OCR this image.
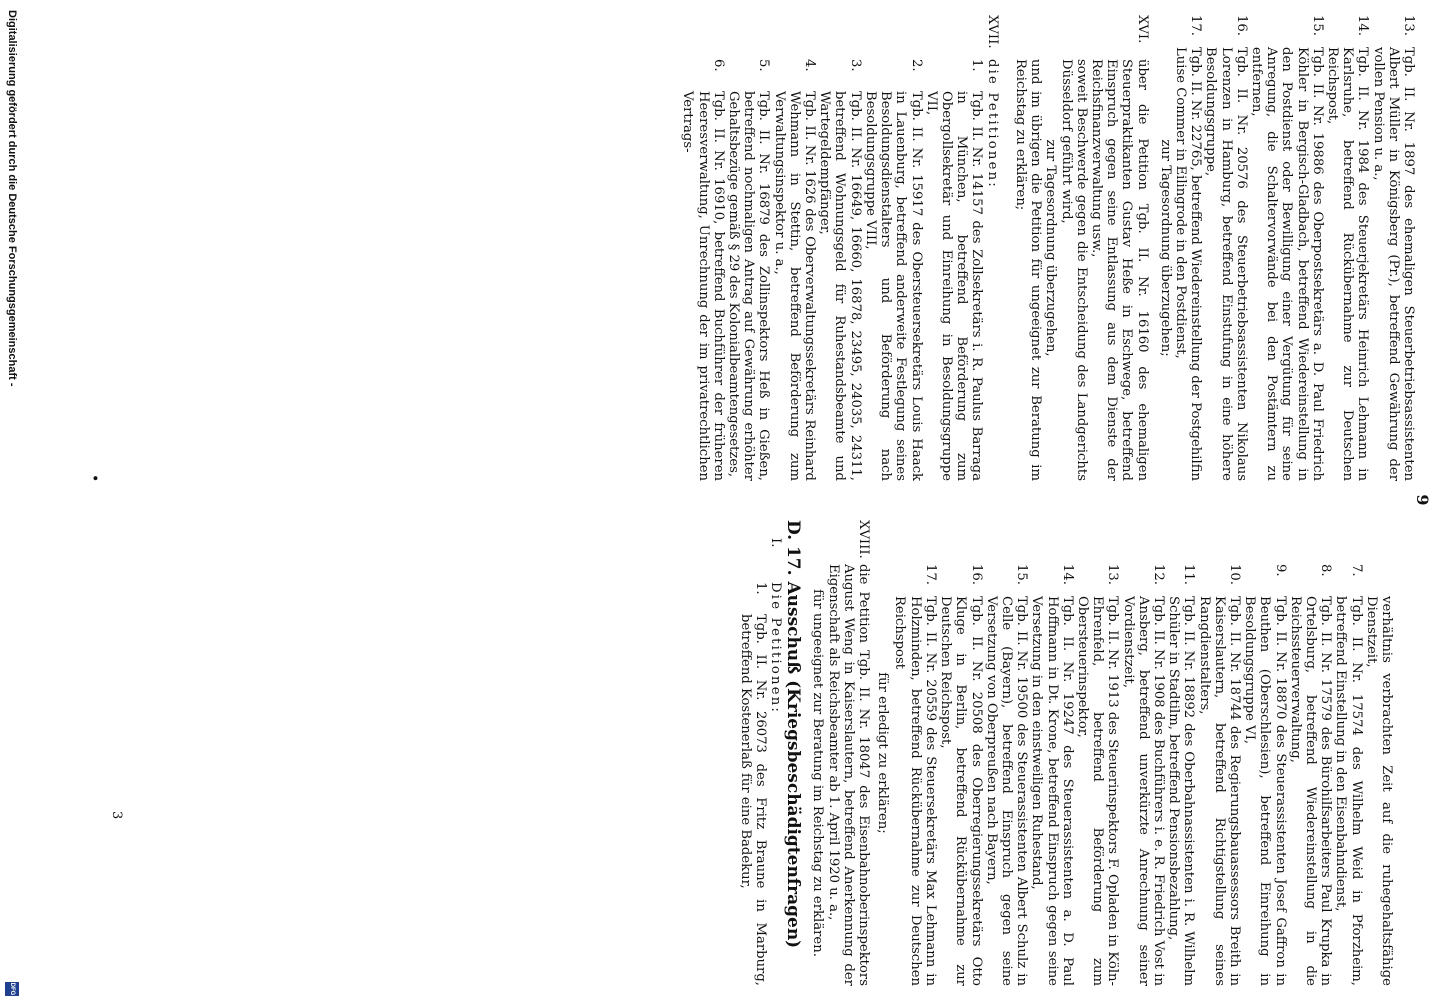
9
13.
Tgb. II. Nr. 1897 des ehemaligen Steuerbetriebsassistenten Albert Müller in Königsberg (Pr.), betreffend Gewährung der vollen Pension u. a.,
14.
Tgb. II. Nr. 1984 des Steuerjekretärs Heinrich Lehmann in Karlsruhe, betreffend Rückübernahme zur Deutschen Reichspost,
15.
Tgb. II. Nr. 19886 des Oberpostsekretärs a. D. Paul Friedrich Köhler in Bergisch-Gladbach, betreffend Wiedereinstellung in den Postdienst oder Bewilligung einer Vergütung für seine Anregung, die Schaltervorwände bei den Postämtern zu entfernen,
16.
Tgb. II. Nr. 20576 des Steuerbetriebsassistenten Nikolaus Lorenzen in Hamburg, betreffend Einstufung in eine höhere Besoldungsgruppe,
17.
Tgb. II. Nr. 22765, betreffend Wiedereinstellung der Postgehilfin Luise Commer in Eilingrode in den Postdienst,

zur Tagesordnung überzugehen;

XVI.
über die Petition Tgb. II. Nr. 16160 des ehemaligen Steuerpraktikanten Gustav Heße in Eschwege, betreffend Einspruch gegen seine Entlassung aus dem Dienste der Reichsfinanzverwaltung usw.,

soweit Beschwerde gegen die Entscheidung des Landgerichts Düsseldorf geführt wird,

zur Tagesordnung überzugehen,

und im übrigen die Petition für ungeeignet zur Beratung im Reichstag zu erklären;

XVII.
die Petitionen:
1.
Tgb. II. Nr. 14157 des Zollsekretärs i. R. Paulus Barraga in München, betreffend Beförderung zum Obergollsekretär und Einreihung in Besoldungsgruppe VII,
2.
Tgb. II. Nr. 15917 des Obersteuersekretärs Louis Haack in Lauenburg, betreffend anderweite Festlegung seines Besoldungsdienstalters und Beförderung nach Besoldungsgruppe VIII,
3.
Tgb. II. Nr. 16649, 16660, 16878, 23495, 24035, 24311, betreffend Wohnungsgeld für Ruhestandsbeamte und Wartegeldempfänger,
4.
Tgb. II. Nr. 1626 des Oberverwaltungssekretärs Reinhard Wehmann in Stettin, betreffend Beförderung zum Verwaltungsinspektor u. a.,
5.
Tgb. II. Nr. 16879 des Zollinspektors Heß in Gießen, betreffend nochmaligen Antrag auf Gewährung erhöhter Gehaltsbezüge gemäß § 29 des Kolonialbeamtengesetzes,
6.
Tgb. II. Nr. 16910, betreffend Buchführer der früheren Heeresverwaltung, Unrechnung der im privatrechtlichen Vertrags-

verhältnis verbrachten Zeit auf die ruhegehaltsfähige Dienstzeit,

7.
Tgb. II. Nr. 17574 des Wilhelm Weid in Pforzheim, betreffend Einstellung in den Eisenbahndienst,
8.
Tgb. II. Nr. 17579 des Bürohilfsarbeiters Paul Krupka in Ortelsburg, betreffend Wiedereinstellung in die Reichssteuerverwaltung,
9.
Tgb. II. Nr. 18870 des Steuerassistenten Josef Gaffron in Beuthen (Oberschlesien), betreffend Einreihung in Besoldungsgruppe VI,
10.
Tgb. II. Nr. 18744 des Regierungsbauassessors Breith in Kaiserslautern, betreffend Richtigstellung seines Rangdienstalters,
11.
Tgb. II. Nr. 18892 des Oberbahnassistenten i. R. Wilhelm Schüler in Stadtilm, betreffend Pensionsbezahlung,
12.
Tgb. II. Nr. 1908 des Buchführers i. e. R. Friedrich Vost in Ansberg, betreffend unverkürzte Anrechnung seiner Vordienstzeit,
13.
Tgb. II. Nr. 1913 des Steuerinspektors F. Opladen in Köln-Ehrenfeld, betreffend Beförderung zum Obersteuerinspektor,
14.
Tgb. II. Nr. 19247 des Steuerassistenten a. D. Paul Hoffmann in Dt. Krone, betreffend Einspruch gegen seine Versetzung in den einstweiligen Ruhestand,
15.
Tgb. II. Nr. 19500 des Steuerassistenten Albert Schulz in Celle (Bayern), betreffend Einspruch gegen seine Versetzung von Oberpreußen nach Bayern,
16.
Tgb. II. Nr. 20508 des Oberregierungssekretärs Otto Kluge in Berlin, betreffend Rückübernahme zur Deutschen Reichspost,
17.
Tgb. II. Nr. 20559 des Steuersekretärs Max Lehmann in Holzminden, betreffend Rückübernahme zur Deutschen Reichspost

für erledigt zu erklären;

XVIII.
die Petition Tgb. II. Nr. 18047 des Eisenbahnoberinspektors August Weng in Kaiserslautern, betreffend Anerkennung der Eigenschaft als Reichsbeamter ab 1. April 1920 u. a.,

für ungeeignet zur Beratung im Reichstag zu erklären.

D. 17. Ausschuß (Kriegsbeschädigtenfragen)
I.
Die Petitionen:
1.
Tgb. II. Nr. 26073 des Fritz Braune in Marburg, betreffend Kostenerlaß für eine Badekur,
3
•
Digitalisierung gefördert durch die Deutsche Forschungsgemeinschaft -
DFG
